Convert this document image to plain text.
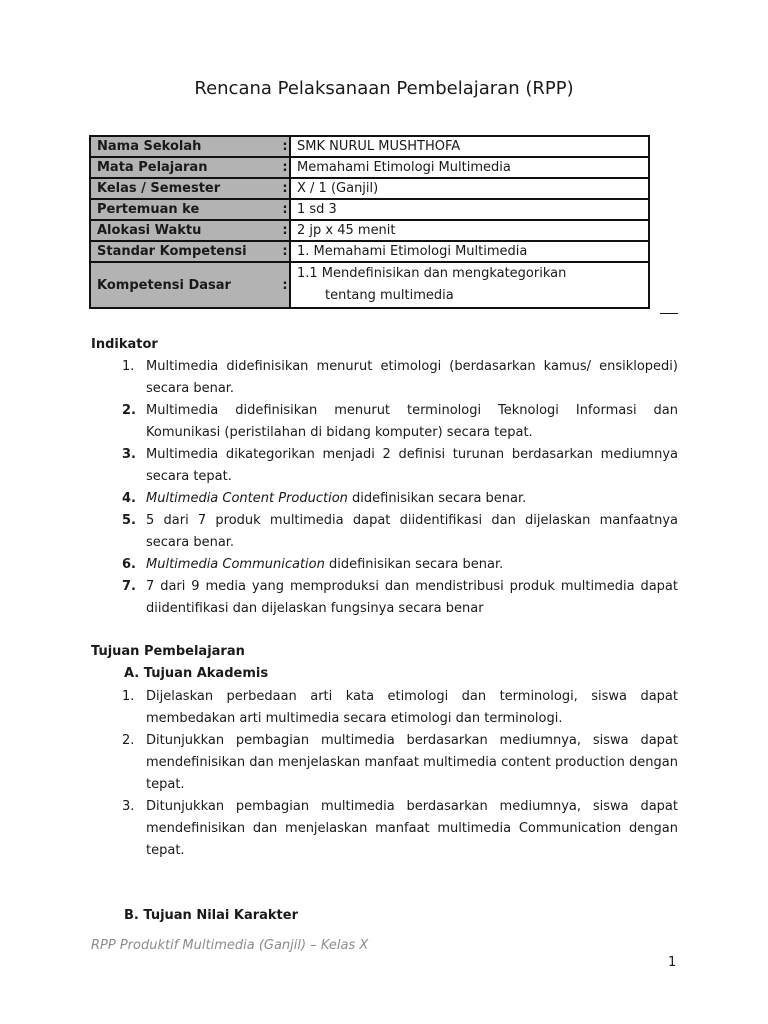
Rencana Pelaksanaan Pembelajaran (RPP)
Nama Sekolah	:	SMK NURUL MUSHTHOFA
Mata Pelajaran	:	Memahami Etimologi Multimedia
Kelas / Semester	:	X / 1 (Ganjil)
Pertemuan ke	:	1 sd 3
Alokasi Waktu	:	2 jp x 45 menit
Standar Kompetensi	:	1. Memahami Etimologi Multimedia
Kompetensi Dasar	:	1.1 Mendefinisikan dan mengkategorikan
tentang multimedia
Indikator
1. Multimedia didefinisikan menurut etimologi (berdasarkan kamus/ ensiklopedi) secara benar.
2. Multimedia didefinisikan menurut terminologi Teknologi Informasi dan Komunikasi (peristilahan di bidang komputer) secara tepat.
3. Multimedia dikategorikan menjadi 2 definisi turunan berdasarkan mediumnya secara tepat.
4. Multimedia Content Production didefinisikan secara benar.
5. 5 dari 7 produk multimedia dapat diidentifikasi dan dijelaskan manfaatnya secara benar.
6. Multimedia Communication didefinisikan secara benar.
7. 7 dari 9 media yang memproduksi dan mendistribusi produk multimedia dapat diidentifikasi dan dijelaskan fungsinya secara benar
Tujuan Pembelajaran
A. Tujuan Akademis
1. Dijelaskan perbedaan arti kata etimologi dan terminologi, siswa dapat membedakan arti multimedia secara etimologi dan terminologi.
2. Ditunjukkan pembagian multimedia berdasarkan mediumnya, siswa dapat mendefinisikan dan menjelaskan manfaat multimedia content production dengan tepat.
3. Ditunjukkan pembagian multimedia berdasarkan mediumnya, siswa dapat mendefinisikan dan menjelaskan manfaat multimedia Communication dengan tepat.
B. Tujuan Nilai Karakter
RPP Produktif Multimedia (Ganjil) – Kelas X
1
